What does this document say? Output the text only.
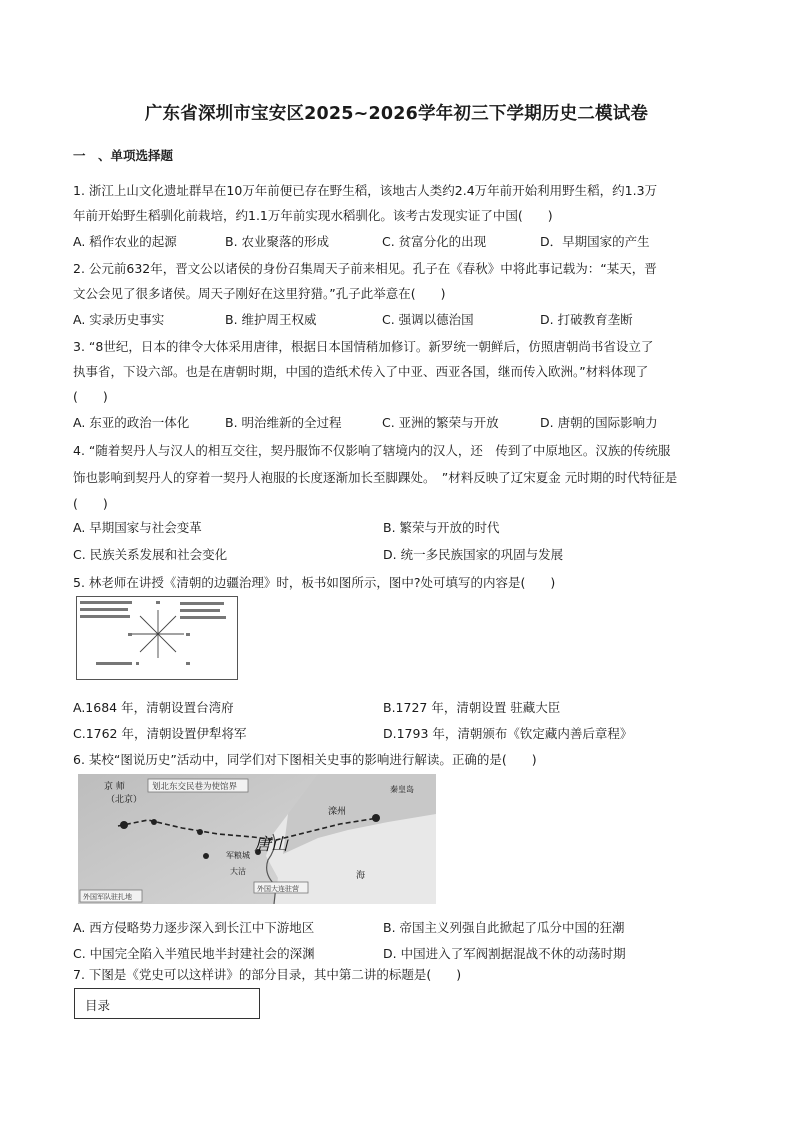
广东省深圳市宝安区2025~2026学年初三下学期历史二模试卷
一　、单项选择题
1. 浙江上山文化遗址群早在10万年前便已存在野生稻，该地古人类约2.4万年前开始利用野生稻，约1.3万
年前开始野生稻驯化前栽培，约1.1万年前实现水稻驯化。该考古发现实证了中国(　　)
A. 稻作农业的起源	B. 农业聚落的形成	C. 贫富分化的出现	D．早期国家的产生
2. 公元前632年，晋文公以诸侯的身份召集周天子前来相见。孔子在《春秋》中将此事记载为：“某天，晋
文公会见了很多诸侯。周天子刚好在这里狩猎。”孔子此举意在(　　)
A. 实录历史事实	B. 维护周王权威	C. 强调以德治国	D. 打破教育垄断
3. “8世纪，日本的律令大体采用唐律，根据日本国情稍加修订。新罗统一朝鲜后，仿照唐朝尚书省设立了
执事省，下设六部。也是在唐朝时期，中国的造纸术传入了中亚、西亚各国，继而传入欧洲。”材料体现了
(　　)
A. 东亚的政治一体化	B. 明治维新的全过程	C. 亚洲的繁荣与开放	D. 唐朝的国际影响力
4. “随着契丹人与汉人的相互交往，契丹服饰不仅影响了辖境内的汉人，还　传到了中原地区。汉族的传统服
饰也影响到契丹人的穿着一契丹人袍服的长度逐渐加长至脚踝处。　”材料反映了辽宋夏金 元时期的时代特征是
(　　)
A. 早期国家与社会变革	B. 繁荣与开放的时代
C. 民族关系发展和社会变化	D. 统一多民族国家的巩固与发展
5. 林老师在讲授《清朝的边疆治理》时，板书如图所示，图中?处可填写的内容是(　　)
A.1684 年，清朝设置台湾府	B.1727 年，清朝设置 驻藏大臣
C.1762 年，清朝设置伊犁将军	D.1793 年，清朝颁布《钦定藏内善后章程》
6. 某校“图说历史”活动中，同学们对下图相关史事的影响进行解读。正确的是(　　)
划北东交民巷为使馆界
京 师
（北京）
唐山
滦州
秦皇岛
军粮城
大沽	海
外国大连驻营
外国军队驻扎地
A. 西方侵略势力逐步深入到长江中下游地区	B. 帝国主义列强自此掀起了瓜分中国的狂潮
C. 中国完全陷入半殖民地半封建社会的深渊	D. 中国进入了军阀割据混战不休的动荡时期
7. 下图是《党史可以这样讲》的部分目录，其中第二讲的标题是(　　)
目录
